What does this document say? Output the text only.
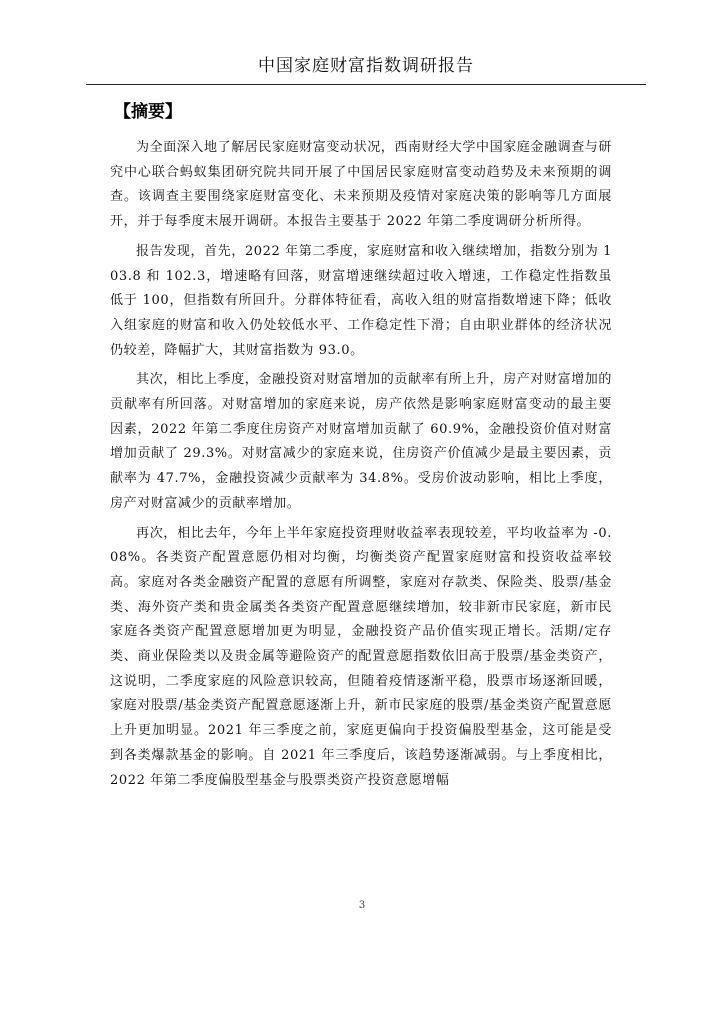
中国家庭财富指数调研报告
【摘要】

为全面深入地了解居民家庭财富变动状况，西南财经大学中国家庭金融调查与研究中心联合蚂蚁集团研究院共同开展了中国居民家庭财富变动趋势及未来预期的调查。该调查主要围绕家庭财富变化、未来预期及疫情对家庭决策的影响等几方面展开，并于每季度末展开调研。本报告主要基于 2022 年第二季度调研分析所得。

报告发现，首先，2022 年第二季度，家庭财富和收入继续增加，指数分别为 103.8 和 102.3，增速略有回落，财富增速继续超过收入增速，工作稳定性指数虽低于 100，但指数有所回升。分群体特征看，高收入组的财富指数增速下降；低收入组家庭的财富和收入仍处较低水平、工作稳定性下滑；自由职业群体的经济状况仍较差，降幅扩大，其财富指数为 93.0。

其次，相比上季度，金融投资对财富增加的贡献率有所上升，房产对财富增加的贡献率有所回落。对财富增加的家庭来说，房产依然是影响家庭财富变动的最主要因素，2022 年第二季度住房资产对财富增加贡献了 60.9%，金融投资价值对财富增加贡献了 29.3%。对财富减少的家庭来说，住房资产价值减少是最主要因素，贡献率为 47.7%，金融投资减少贡献率为 34.8%。受房价波动影响，相比上季度，房产对财富减少的贡献率增加。

再次，相比去年，今年上半年家庭投资理财收益率表现较差，平均收益率为 -0.08%。各类资产配置意愿仍相对均衡，均衡类资产配置家庭财富和投资收益率较高。家庭对各类金融资产配置的意愿有所调整，家庭对存款类、保险类、股票/基金类、海外资产类和贵金属类各类资产配置意愿继续增加，较非新市民家庭，新市民家庭各类资产配置意愿增加更为明显，金融投资产品价值实现正增长。活期/定存类、商业保险类以及贵金属等避险资产的配置意愿指数依旧高于股票/基金类资产，这说明，二季度家庭的风险意识较高，但随着疫情逐渐平稳，股票市场逐渐回暖，家庭对股票/基金类资产配置意愿逐渐上升，新市民家庭的股票/基金类资产配置意愿上升更加明显。2021 年三季度之前，家庭更偏向于投资偏股型基金，这可能是受到各类爆款基金的影响。自 2021 年三季度后，该趋势逐渐减弱。与上季度相比，2022 年第二季度偏股型基金与股票类资产投资意愿增幅

3
